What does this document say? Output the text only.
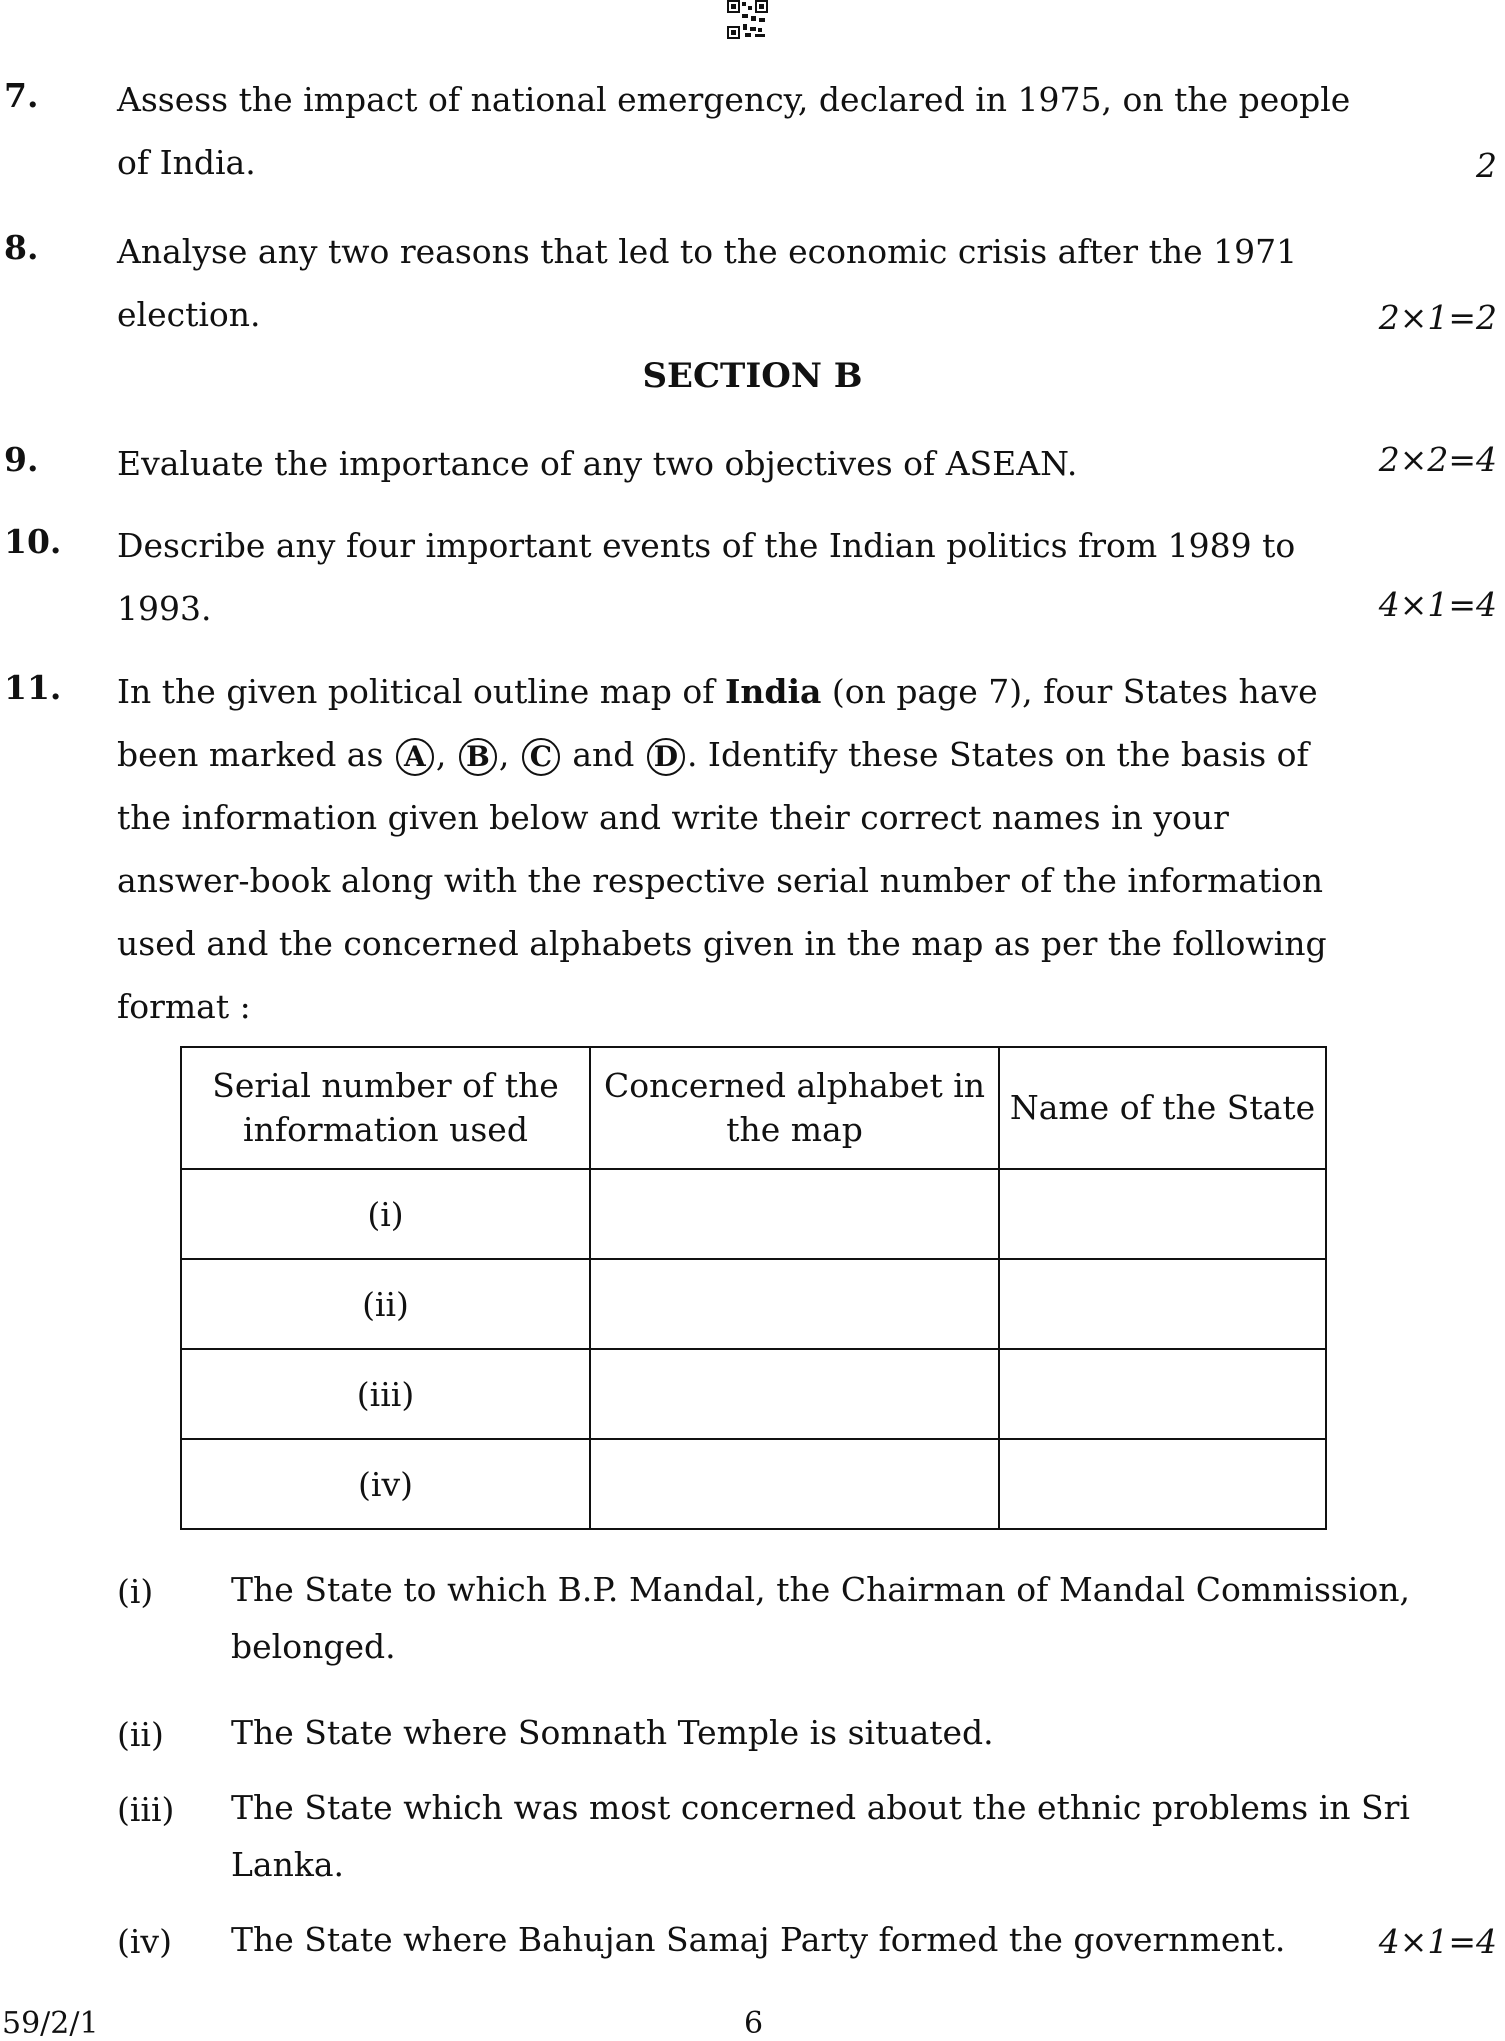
7. Assess the impact of national emergency, declared in 1975, on the people
of India.	2
8. Analyse any two reasons that led to the economic crisis after the 1971
election.	2×1=2
SECTION B
9. Evaluate the importance of any two objectives of ASEAN.	2×2=4
10. Describe any four important events of the Indian politics from 1989 to
1993.	4×1=4
11. In the given political outline map of India (on page 7), four States have
been marked as A , B , C and D . Identify these States on the basis of
the information given below and write their correct names in your
answer-book along with the respective serial number of the information
used and the concerned alphabets given in the map as per the following
format :
Serial number of the information used	Concerned alphabet in the map	Name of the State
(i)		
(ii)		
(iii)		
(iv)		
(i) The State to which B.P. Mandal, the Chairman of Mandal Commission, belonged.
(ii) The State where Somnath Temple is situated.
(iii) The State which was most concerned about the ethnic problems in Sri Lanka.
(iv) The State where Bahujan Samaj Party formed the government.	4×1=4
59/2/1	6
